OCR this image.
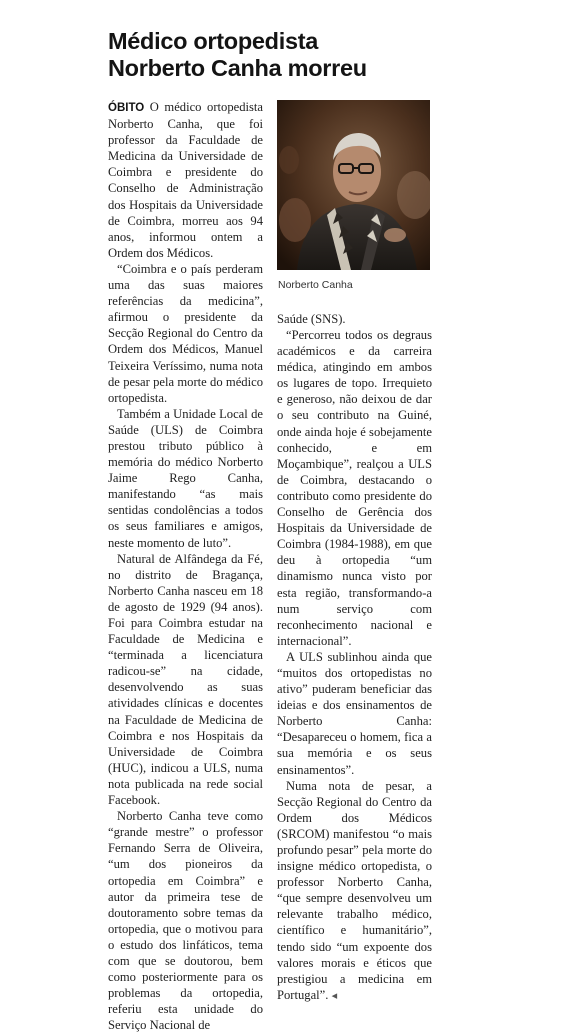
Médico ortopedista
Norberto Canha morreu

ÓBITO O médico ortopedista Norberto Canha, que foi professor da Faculdade de Medicina da Universidade de Coimbra e presidente do Conselho de Administração dos Hospitais da Universidade de Coimbra, morreu aos 94 anos, informou ontem a Ordem dos Médicos.

“Coimbra e o país perderam uma das suas maiores referências da medicina”, afirmou o presidente da Secção Regional do Centro da Ordem dos Médicos, Manuel Teixeira Veríssimo, numa nota de pesar pela morte do médico ortopedista.

Também a Unidade Local de Saúde (ULS) de Coimbra prestou tributo público à memória do médico Norberto Jaime Rego Canha, manifestando “as mais sentidas condolências a todos os seus familiares e amigos, neste momento de luto”.

Natural de Alfândega da Fé, no distrito de Bragança, Norberto Canha nasceu em 18 de agosto de 1929 (94 anos). Foi para Coimbra estudar na Faculdade de Medicina e “terminada a licenciatura radicou-se” na cidade, desenvolvendo as suas atividades clínicas e docentes na Faculdade de Medicina de Coimbra e nos Hospitais da Universidade de Coimbra (HUC), indicou a ULS, numa nota publicada na rede social Facebook.

Norberto Canha teve como “grande mestre” o professor Fernando Serra de Oliveira, “um dos pioneiros da ortopedia em Coimbra” e autor da primeira tese de doutoramento sobre temas da ortopedia, que o motivou para o estudo dos linfáticos, tema com que se doutorou, bem como posteriormente para os problemas da ortopedia, referiu esta unidade do Serviço Nacional de

Norberto Canha

Saúde (SNS).

“Percorreu todos os degraus académicos e da carreira médica, atingindo em ambos os lugares de topo. Irrequieto e generoso, não deixou de dar o seu contributo na Guiné, onde ainda hoje é sobejamente conhecido, e em Moçambique”, realçou a ULS de Coimbra, destacando o contributo como presidente do Conselho de Gerência dos Hospitais da Universidade de Coimbra (1984-1988), em que deu à ortopedia “um dinamismo nunca visto por esta região, transformando-a num serviço com reconhecimento nacional e internacional”.

A ULS sublinhou ainda que “muitos dos ortopedistas no ativo” puderam beneficiar das ideias e dos ensinamentos de Norberto Canha: “Desapareceu o homem, fica a sua memória e os seus ensinamentos”.

Numa nota de pesar, a Secção Regional do Centro da Ordem dos Médicos (SRCOM) manifestou “o mais profundo pesar” pela morte do insigne médico ortopedista, o professor Norberto Canha, “que sempre desenvolveu um relevante trabalho médico, científico e humanitário”, tendo sido “um expoente dos valores morais e éticos que prestigiou a medicina em Portugal”. ◂
